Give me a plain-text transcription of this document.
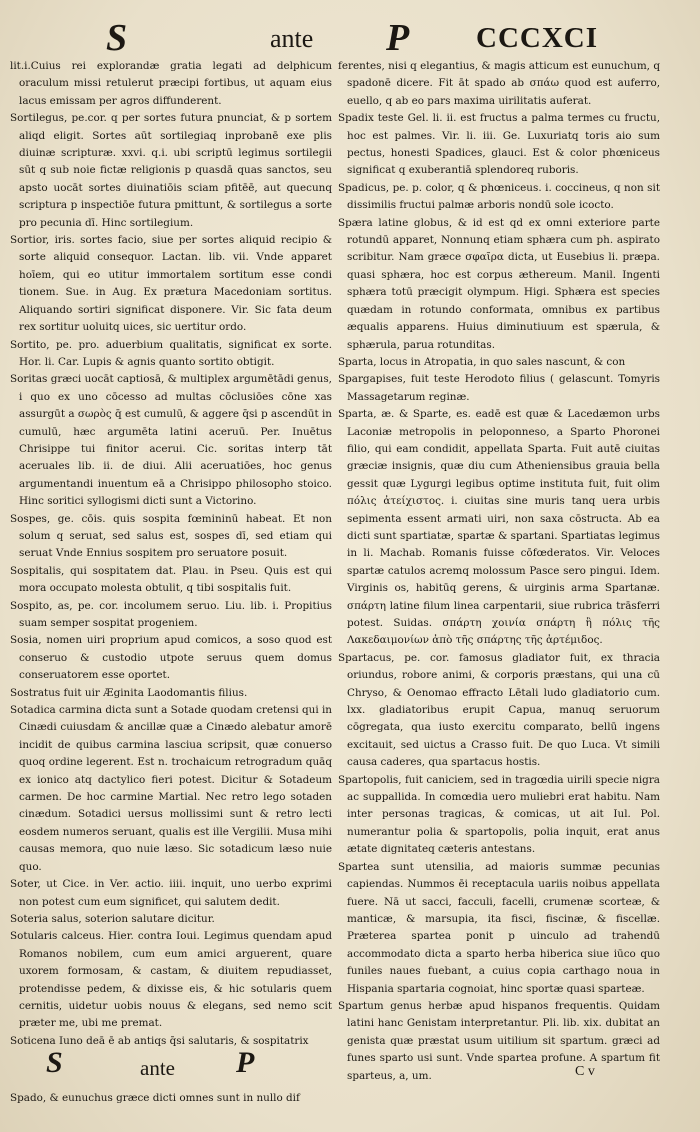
S	ante P CCCXCI

lit.i.Cuius rei explorandæ gratia legati ad delphicum oraculum missi retulerut præcipi fortibus, ut aquam eius lacus emissam per agros diffunderent.

Sortilegus, pe.cor. q per sortes futura pnunciat, & p sortem aliqd eligit. Sortes aūt sortilegiaq inprobanē exe plis diuinæ scripturæ. xxvi. q.i. ubi scriptū legimus sortilegii sūt q sub noie fictæ religionis p quasdā quas sanctos, seu apsto uocāt sortes diuinatiōis sciam pfitēē, aut quecunq scriptura p inspectiōe futura pmittunt, & sortilegus a sorte pro pecunia dī. Hinc sortilegium.

Sortior, iris. sortes facio, siue per sortes aliquid recipio & sorte aliquid consequor. Lactan. lib. vii. Vnde apparet hoīem, qui eo utitur immortalem sortitum esse condi tionem. Sue. in Aug. Ex prætura Macedoniam sortitus. Aliquando sortiri significat disponere. Vir. Sic fata deum rex sortitur uoluitq uices, sic uertitur ordo.

Sortito, pe. pro. aduerbium qualitatis, significat ex sorte. Hor. li. Car. Lupis & agnis quanto sortito obtigit.

Soritas græci uocāt captiosā, & multiplex argumētādi genus, i quo ex uno cōcesso ad multas cōclusiōes cōne xas assurgūt a σωρὸς q̄ est cumulū, & aggere q̄si p ascendūt in cumulū, hæc argumēta latini aceruū. Per. Inuētus Chrisippe tui finitor acerui. Cic. soritas interp tāt aceruales lib. ii. de diui. Alii aceruatiōes, hoc genus argumentandi inuentum eā a Chrisippo philosopho stoico. Hinc soritici syllogismi dicti sunt a Victorino.

Sospes, ge. cōis. quis sospita fœmininū habeat. Et non solum q seruat, sed salus est, sospes dī, sed etiam qui seruat Vnde Ennius sospitem pro seruatore posuit.

Sospitalis, qui sospitatem dat. Plau. in Pseu. Quis est qui mora occupato molesta obtulit, q tibi sospitalis fuit.

Sospito, as, pe. cor. incolumem seruo. Liu. lib. i. Propitius suam semper sospitat progeniem.

Sosia, nomen uiri proprium apud comicos, a soso quod est conseruo & custodio utpote seruus quem domus conseruatorem esse oportet.

Sostratus fuit uir Æginita Laodomantis filius.

Sotadica carmina dicta sunt a Sotade quodam cretensi qui in Cinædi cuiusdam & ancillæ quæ a Cinædo alebatur amorē incidit de quibus carmina lasciua scripsit, quæ conuerso quoq ordine legerent. Est n. trochaicum retrogradum quāq ex ionico atq dactylico fieri potest. Dicitur & Sotadeum carmen. De hoc carmine Martial. Nec retro lego sotaden cinædum. Sotadici uersus mollissimi sunt & retro lecti eosdem numeros seruant, qualis est ille Vergilii. Musa mihi causas memora, quo nuie læso. Sic sotadicum læso nuie quo.

Soter, ut Cice. in Ver. actio. iiii. inquit, uno uerbo exprimi non potest cum eum significet, qui salutem dedit.

Soteria salus, soterion salutare dicitur.

Sotularis calceus. Hier. contra Ioui. Legimus quendam apud Romanos nobilem, cum eum amici arguerent, quare uxorem formosam, & castam, & diuitem repudiasset, protendisse pedem, & dixisse eis, & hic sotularis quem cernitis, uidetur uobis nouus & elegans, sed nemo scit præter me, ubi me premat.

Soticena Iuno deā ē ab antiqs q̄si salutaris, & sospitatrix

S	ante P

Spado, & eunuchus græce dicti omnes sunt in nullo dif

ferentes, nisi q elegantius, & magis atticum est eunuchum, q spadonē dicere. Fit āt spado ab σπάω quod est auferro, euello, q ab eo pars maxima uirilitatis auferat.

Spadix teste Gel. li. ii. est fructus a palma termes cu fructu, hoc est palmes. Vir. li. iii. Ge. Luxuriatq toris aio sum pectus, honesti Spadices, glauci. Est & color phœniceus significat q exuberantiā splendoreq ruboris.

Spadicus, pe. p. color, q & phœniceus. i. coccineus, q non sit dissimilis fructui palmæ arboris nondū sole icocto.

Spæra latine globus, & id est qd ex omni exteriore parte rotundū apparet, Nonnunq etiam sphæra cum ph. aspirato scribitur. Nam græce σφαῖρα dicta, ut Eusebius li. præpa. quasi sphæra, hoc est corpus æthereum. Manil. Ingenti sphæra totū præcigit olympum. Higi. Sphæra est species quædam in rotundo conformata, omnibus ex partibus æqualis apparens. Huius diminutiuum est spærula, & sphærula, parua rotunditas.

Sparta, locus in Atropatia, in quo sales nascunt, & con

Spargapises, fuit teste Herodoto filius ( gelascunt. Tomyris Massagetarum reginæ.

Sparta, æ. & Sparte, es. eadē est quæ & Lacedæmon urbs Laconiæ metropolis in peloponneso, a Sparto Phoronei filio, qui eam condidit, appellata Sparta. Fuit autē ciuitas græciæ insignis, quæ diu cum Atheniensibus grauia bella gessit quæ Lygurgi legibus optime instituta fuit, fuit olim πόλις ἀτείχιστος. i. ciuitas sine muris tanq uera urbis sepimenta essent armati uiri, non saxa cōstructa. Ab ea dicti sunt spartiatæ, spartæ & spartani. Spartiatas legimus in li. Machab. Romanis fuisse cōfœderatos. Vir. Veloces spartæ catulos acremq molossum Pasce sero pingui. Idem. Virginis os, habitūq gerens, & uirginis arma Spartanæ. σπάρτη latine filum linea carpentarii, siue rubrica trāsferri potest. Suidas. σπάρτη χοινία σπάρτη ἢ πόλις τῆς Λακεδαιμονίων ἀπὸ τῆς σπάρτης τῆς ἀρτέμιδος.

Spartacus, pe. cor. famosus gladiator fuit, ex thracia oriundus, robore animi, & corporis præstans, qui una cū Chryso, & Oenomao effracto Lētali ludo gladiatorio cum. lxx. gladiatoribus erupit Capua, manuq seruorum cōgregata, qua iusto exercitu comparato, bellū ingens excitauit, sed uictus a Crasso fuit. De quo Luca. Vt simili causa caderes, qua spartacus hostis.

Spartopolis, fuit caniciem, sed in tragœdia uirili specie nigra ac suppallida. In comœdia uero muliebri erat habitu. Nam inter personas tragicas, & comicas, ut ait Iul. Pol. numerantur polia & spartopolis, polia inquit, erat anus ætate dignitateq cæteris antestans.

Spartea sunt utensilia, ad maioris summæ pecunias capiendas. Nummos ēi receptacula uariis noibus appellata fuere. Nā ut sacci, facculi, facelli, crumenæ scorteæ, & manticæ, & marsupia, ita fisci, fiscinæ, & fiscellæ. Præterea spartea ponit p uinculo ad trahendū accommodato dicta a sparto herba hiberica siue iūco quo funiles naues fuebant, a cuius copia carthago noua in Hispania spartaria cognoiat, hinc sportæ quasi sparteæ.

Spartum genus herbæ apud hispanos frequentis. Quidam latini hanc Genistam interpretantur. Pli. lib. xix. dubitat an genista quæ præstat usum uitilium sit spartum. græci ad funes sparto usi sunt. Vnde spartea profune. A spartum fit sparteus, a, um.	C v
